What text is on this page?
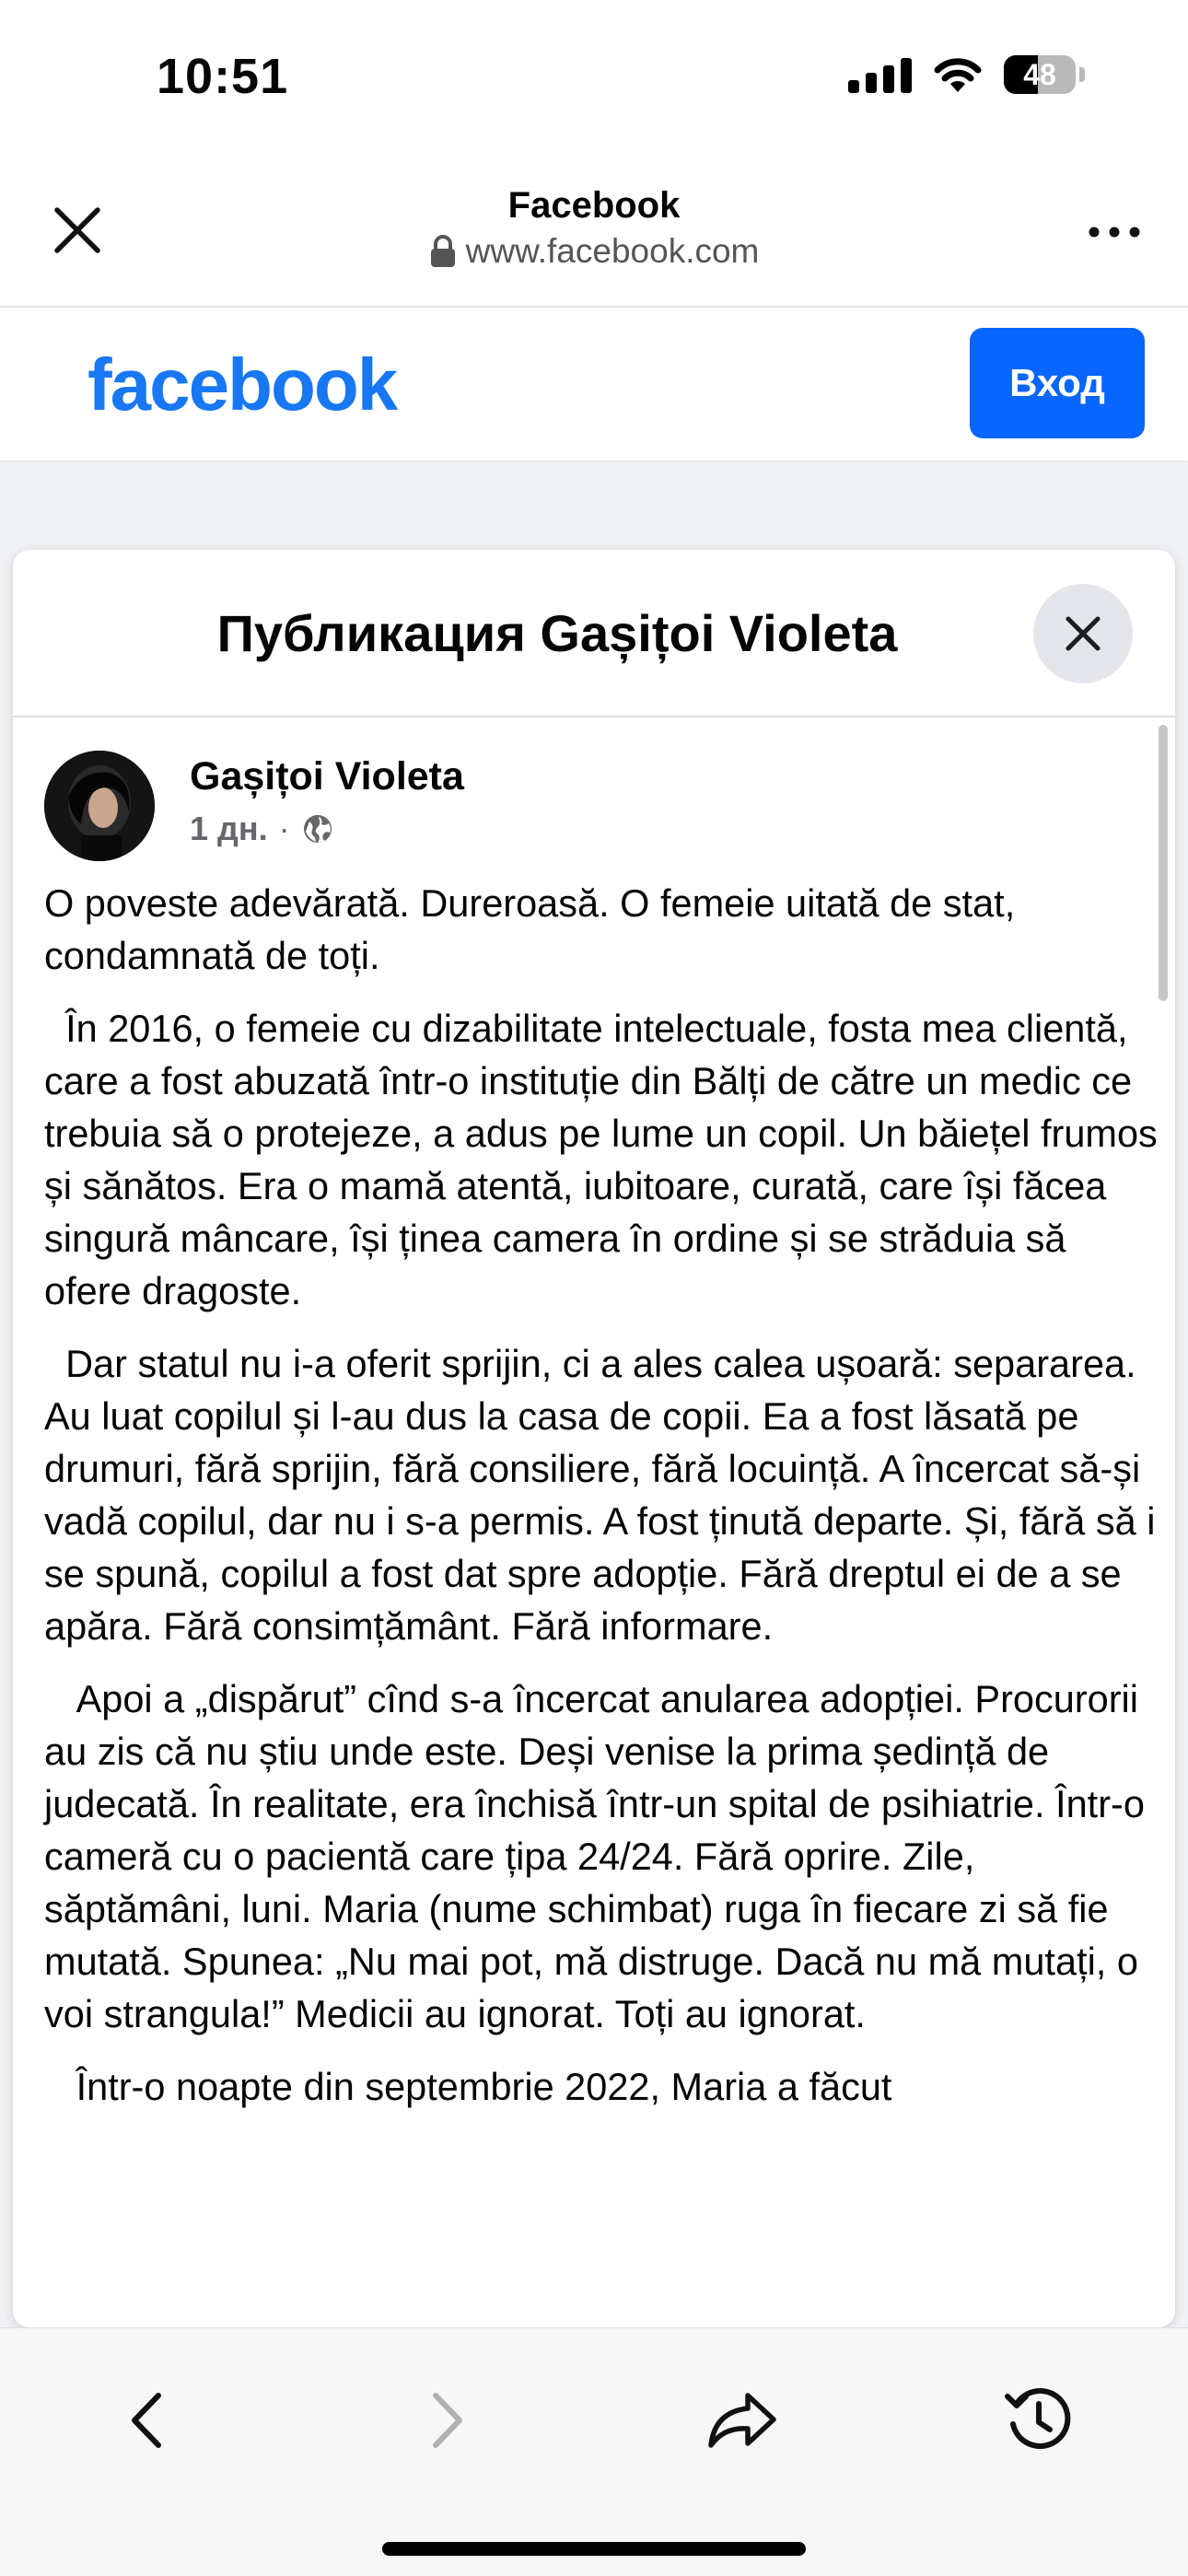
10:51	48
Facebook
www.facebook.com
facebook	Вход
Публикация Gașițoi Violeta
Gașițoi Violeta
1 дн. ·

O poveste adevărată. Dureroasă. O femeie uitată de stat, condamnată de toți.

În 2016, o femeie cu dizabilitate intelectuale, fosta mea clientă, care a fost abuzată într-o instituție din Bălți de către un medic ce trebuia să o protejeze, a adus pe lume un copil. Un băiețel frumos și sănătos. Era o mamă atentă, iubitoare, curată, care își făcea singură mâncare, își ținea camera în ordine și se străduia să ofere dragoste.

Dar statul nu i-a oferit sprijin, ci a ales calea ușoară: separarea. Au luat copilul și l-au dus la casa de copii. Ea a fost lăsată pe drumuri, fără sprijin, fără consiliere, fără locuință. A încercat să-și vadă copilul, dar nu i s-a permis. A fost ținută departe. Și, fără să i se spună, copilul a fost dat spre adopție. Fără dreptul ei de a se apăra. Fără consimțământ. Fără informare.

Apoi a „dispărut” cînd s-a încercat anularea adopției. Procurorii au zis că nu știu unde este. Deși venise la prima ședință de judecată. În realitate, era închisă într-un spital de psihiatrie. Într-o cameră cu o pacientă care țipa 24/24. Fără oprire. Zile, săptămâni, luni. Maria (nume schimbat) ruga în fiecare zi să fie mutată. Spunea: „Nu mai pot, mă distruge. Dacă nu mă mutați, o voi strangula!” Medicii au ignorat. Toți au ignorat.

Într-o noapte din septembrie 2022, Maria a făcut
